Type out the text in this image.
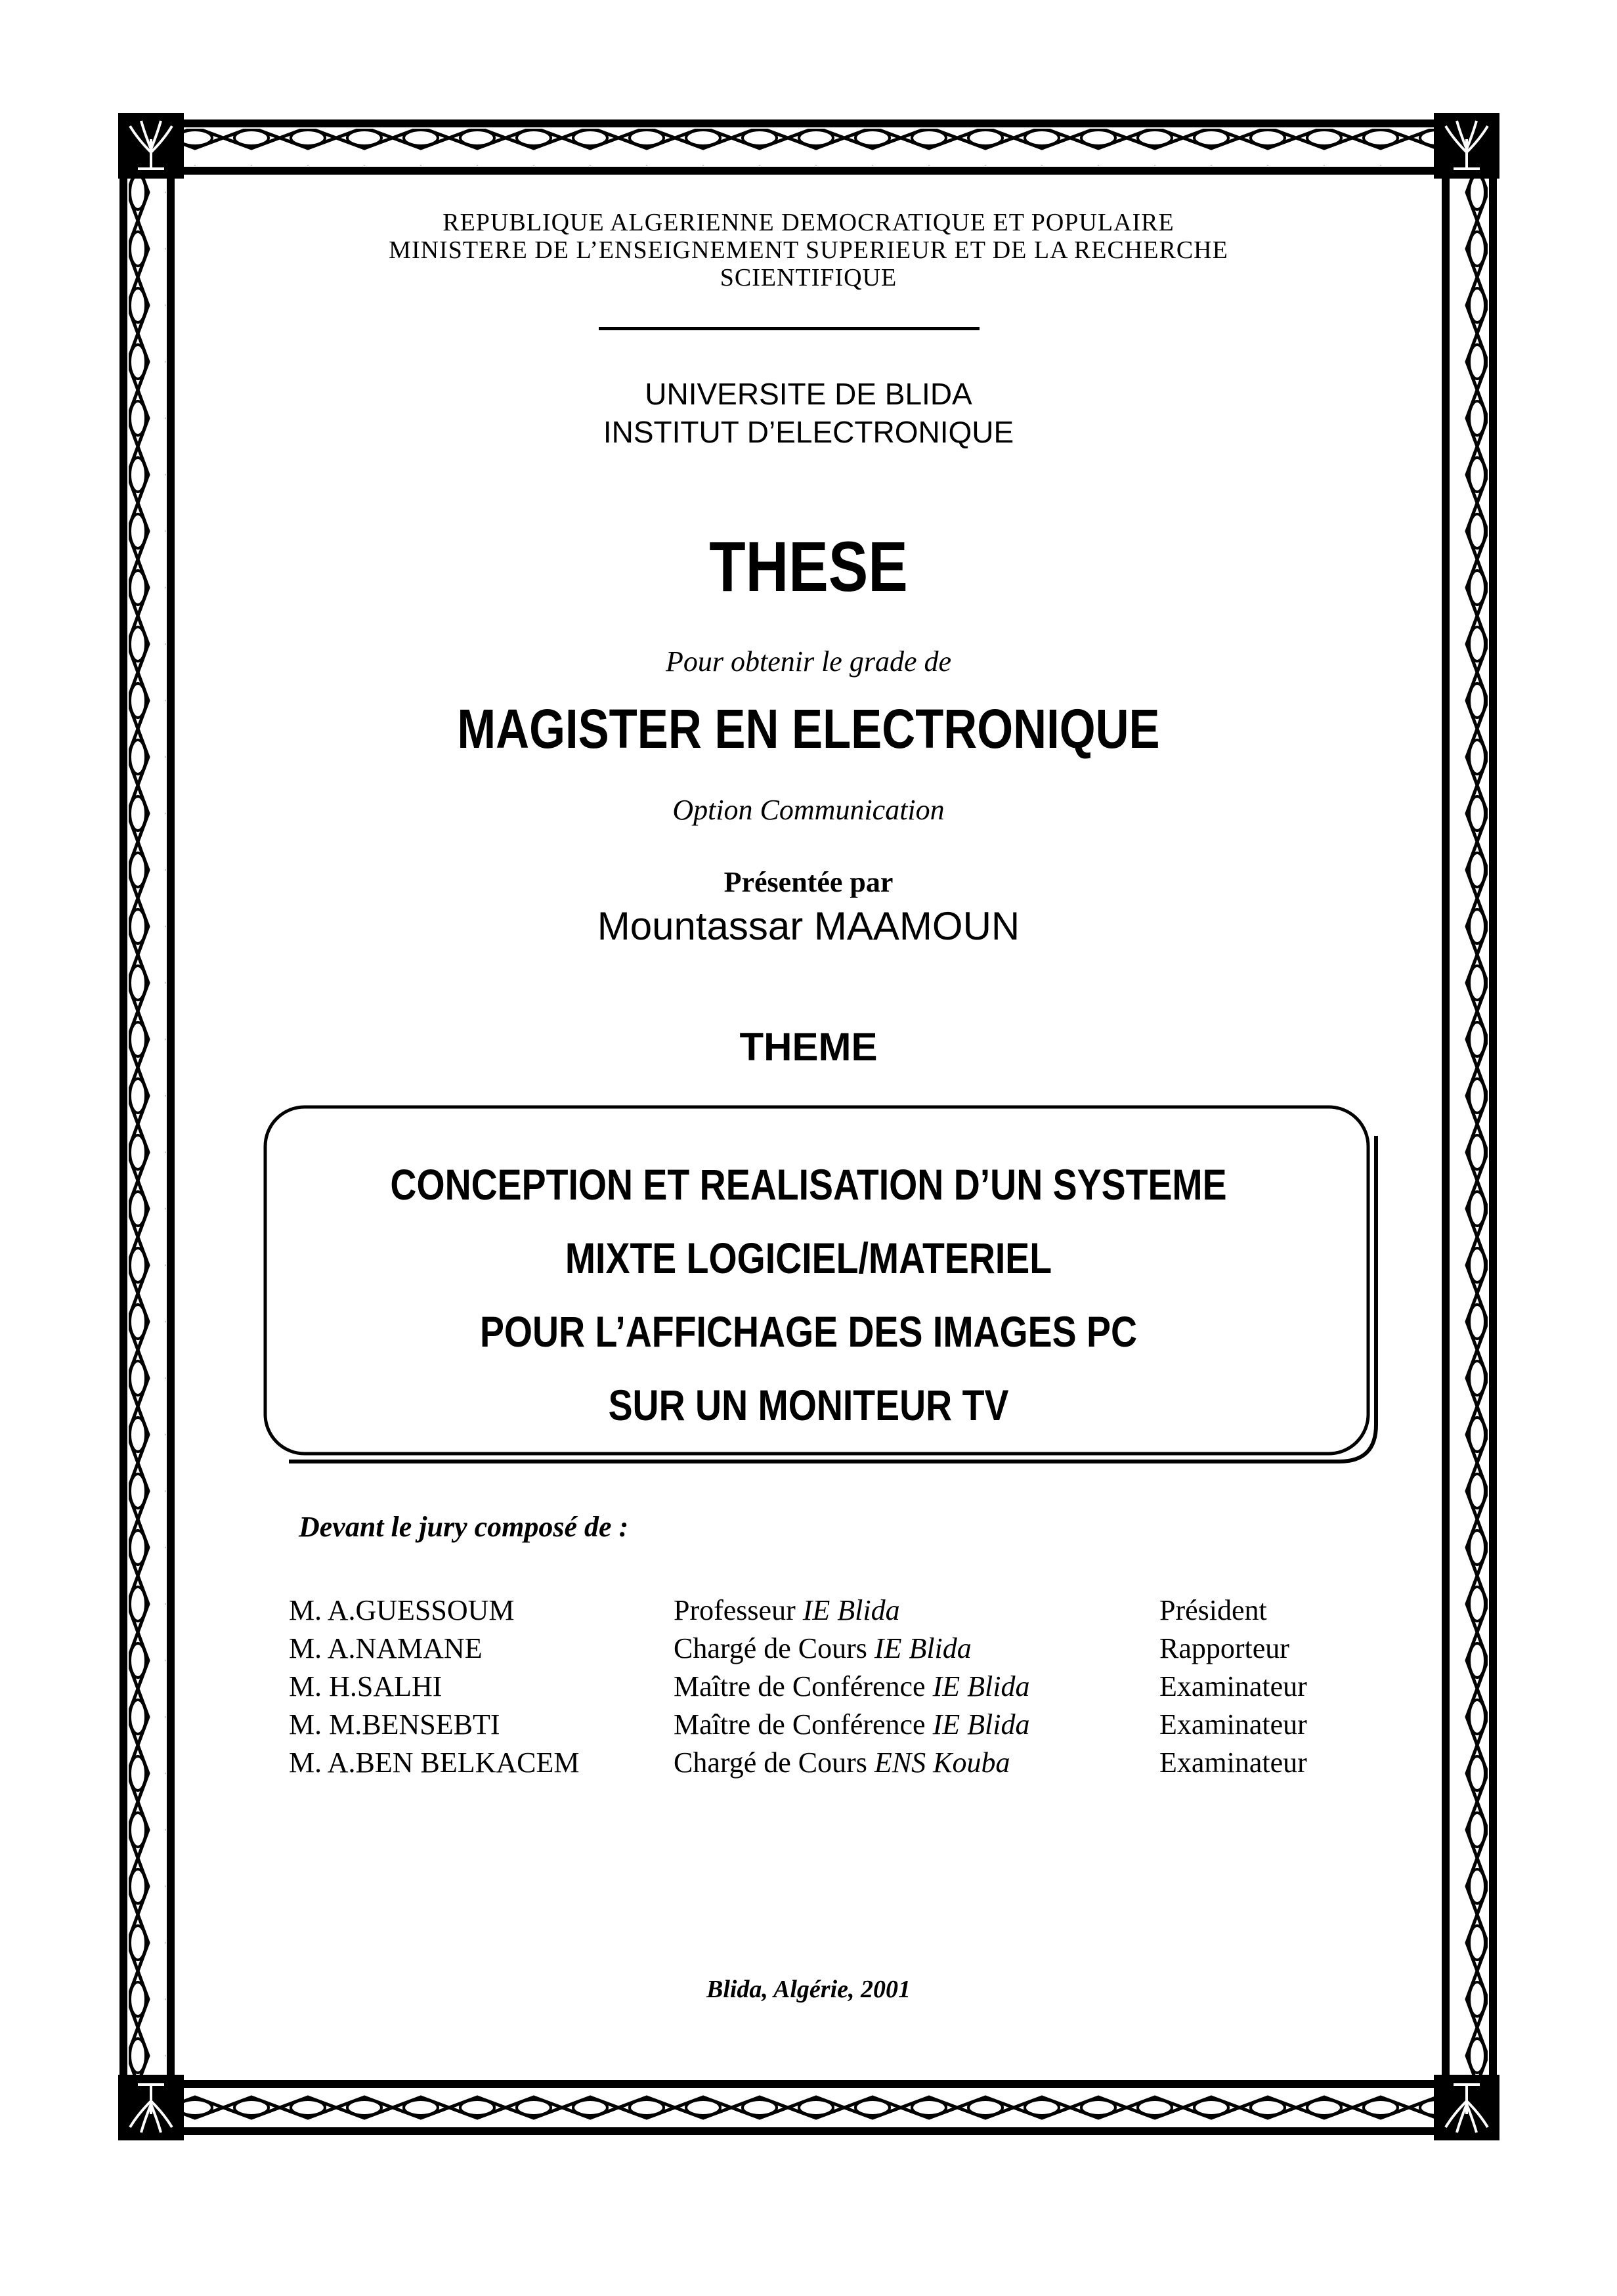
REPUBLIQUE ALGERIENNE DEMOCRATIQUE ET POPULAIRE
MINISTERE DE L’ENSEIGNEMENT SUPERIEUR ET DE LA RECHERCHE
SCIENTIFIQUE
UNIVERSITE DE BLIDA
INSTITUT D’ELECTRONIQUE
THESE
Pour obtenir le grade de
MAGISTER EN ELECTRONIQUE
Option Communication
Présentée par
Mountassar MAAMOUN
THEME
CONCEPTION ET REALISATION D’UN SYSTEME
MIXTE LOGICIEL/MATERIEL
POUR L’AFFICHAGE DES IMAGES PC
SUR UN MONITEUR TV
Devant le jury composé de :
M. A.GUESSOUM	Professeur IE Blida	Président
M. A.NAMANE	Chargé de Cours IE Blida	Rapporteur
M. H.SALHI	Maître de Conférence IE Blida	Examinateur
M. M.BENSEBTI	Maître de Conférence IE Blida	Examinateur
M. A.BEN BELKACEM	Chargé de Cours ENS Kouba	Examinateur
Blida, Algérie, 2001
